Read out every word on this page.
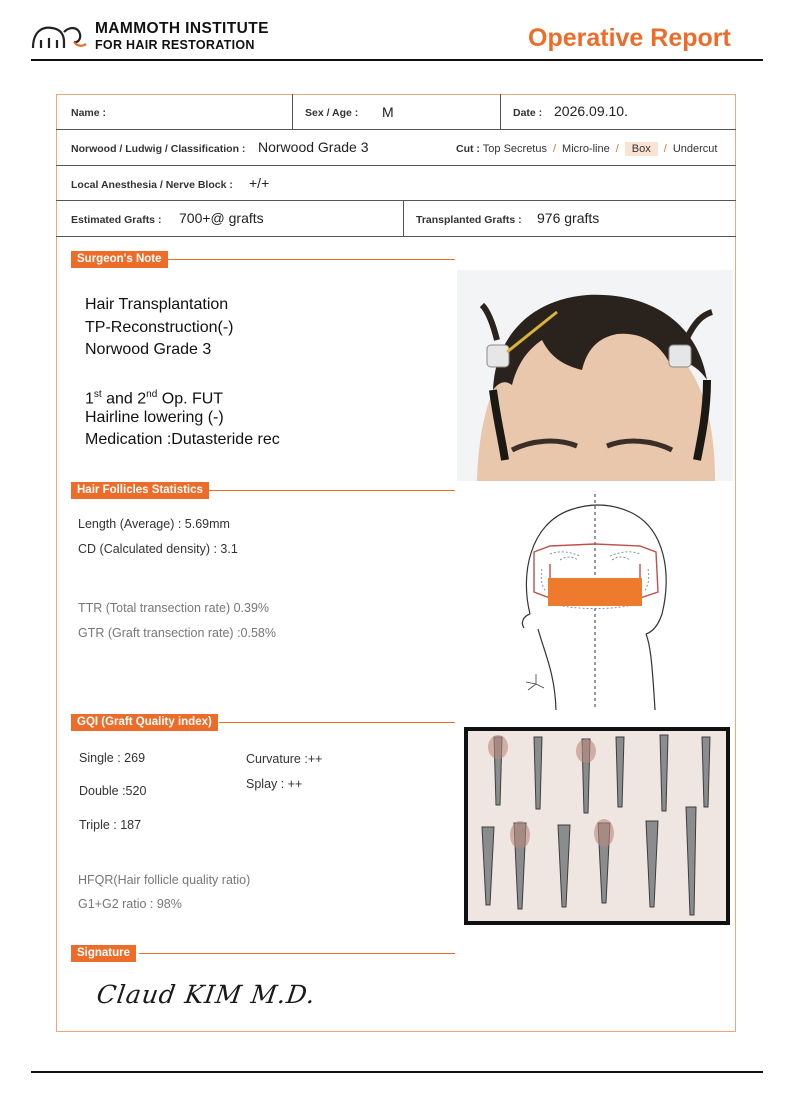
MAMMOTH INSTITUTE
FOR HAIR RESTORATION	Operative Report
Name :	Sex / Age : M	Date : 2026.09.10.
Norwood / Ludwig / Classification : Norwood Grade 3	Cut : Top Secretus / Micro-line / Box / Undercut
Local Anesthesia / Nerve Block : +/+
Estimated Grafts : 700+@ grafts	Transplanted Grafts : 976 grafts
Surgeon's Note
Hair Transplantation
TP-Reconstruction(-)
Norwood Grade 3
1st and 2nd Op. FUT
Hairline lowering (-)
Medication :Dutasteride rec
Hair Follicles Statistics
Length (Average) : 5.69mm
CD (Calculated density) : 3.1
TTR (Total transection rate) 0.39%
GTR (Graft transection rate) :0.58%
GQI (Graft Quality index)
Single : 269
Double :520
Triple : 187
Curvature :++
Splay : ++
HFQR(Hair follicle quality ratio)
G1+G2 ratio : 98%
Signature
Claud KIM M.D.
